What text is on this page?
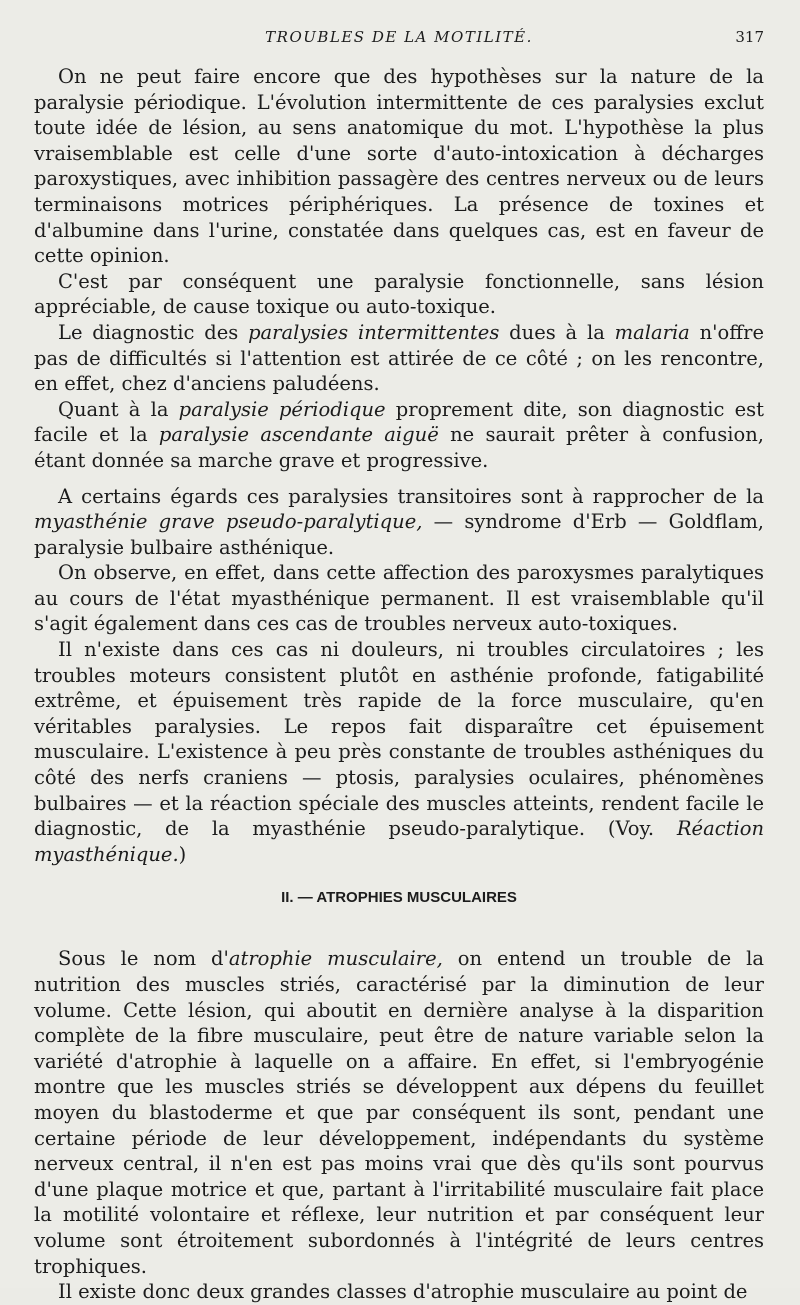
TROUBLES DE LA MOTILITÉ.	317

On ne peut faire encore que des hypothèses sur la nature de la paralysie périodique. L'évolution intermittente de ces paralysies exclut toute idée de lésion, au sens anatomique du mot. L'hypothèse la plus vraisemblable est celle d'une sorte d'auto-intoxication à décharges paroxystiques, avec inhibition passagère des centres nerveux ou de leurs terminaisons motrices périphériques. La présence de toxines et d'albumine dans l'urine, constatée dans quelques cas, est en faveur de cette opinion.

C'est par conséquent une paralysie fonctionnelle, sans lésion appréciable, de cause toxique ou auto-toxique.

Le diagnostic des paralysies intermittentes dues à la malaria n'offre pas de difficultés si l'attention est attirée de ce côté ; on les rencontre, en effet, chez d'anciens paludéens.

Quant à la paralysie périodique proprement dite, son diagnostic est facile et la paralysie ascendante aiguë ne saurait prêter à confusion, étant donnée sa marche grave et progressive.

A certains égards ces paralysies transitoires sont à rapprocher de la myasthénie grave pseudo-paralytique, — syndrome d'Erb — Goldflam, paralysie bulbaire asthénique.

On observe, en effet, dans cette affection des paroxysmes paralytiques au cours de l'état myasthénique permanent. Il est vraisemblable qu'il s'agit également dans ces cas de troubles nerveux auto-toxiques.

Il n'existe dans ces cas ni douleurs, ni troubles circulatoires ; les troubles moteurs consistent plutôt en asthénie profonde, fatigabilité extrême, et épuisement très rapide de la force musculaire, qu'en véritables paralysies. Le repos fait disparaître cet épuisement musculaire. L'existence à peu près constante de troubles asthéniques du côté des nerfs craniens — ptosis, paralysies oculaires, phénomènes bulbaires — et la réaction spéciale des muscles atteints, rendent facile le diagnostic, de la myasthénie pseudo-paralytique. (Voy. Réaction myasthénique.)

II. — ATROPHIES MUSCULAIRES

Sous le nom d'atrophie musculaire, on entend un trouble de la nutrition des muscles striés, caractérisé par la diminution de leur volume. Cette lésion, qui aboutit en dernière analyse à la disparition complète de la fibre musculaire, peut être de nature variable selon la variété d'atrophie à laquelle on a affaire. En effet, si l'embryogénie montre que les muscles striés se développent aux dépens du feuillet moyen du blastoderme et que par conséquent ils sont, pendant une certaine période de leur développement, indépendants du système nerveux central, il n'en est pas moins vrai que dès qu'ils sont pourvus d'une plaque motrice et que, partant à l'irritabilité musculaire fait place la motilité volontaire et réflexe, leur nutrition et par conséquent leur volume sont étroitement subordonnés à l'intégrité de leurs centres trophiques.

Il existe donc deux grandes classes d'atrophie musculaire au point de
